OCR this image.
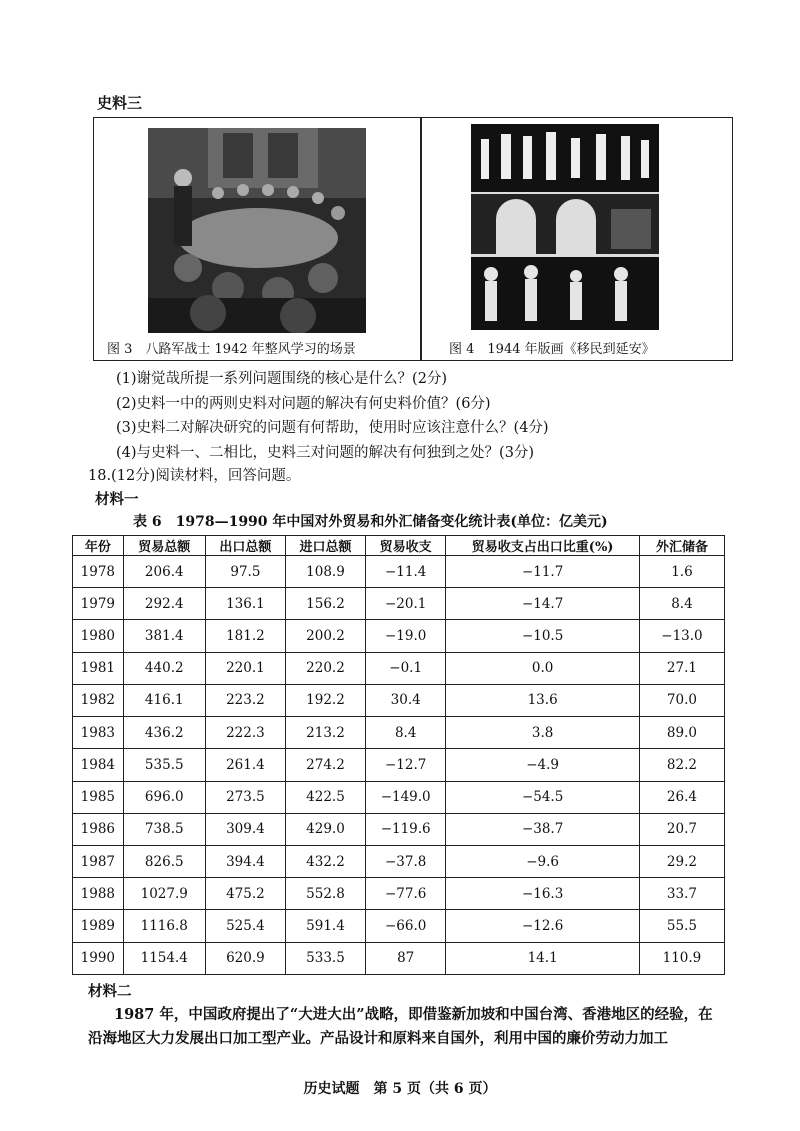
史料三
图 3　八路军战士 1942 年整风学习的场景	图 4　1944 年版画《移民到延安》
(1)谢觉哉所提一系列问题围绕的核心是什么？(2分)
(2)史料一中的两则史料对问题的解决有何史料价值？(6分)
(3)史料二对解决研究的问题有何帮助，使用时应该注意什么？(4分)
(4)与史料一、二相比，史料三对问题的解决有何独到之处？(3分)
18.(12分)阅读材料，回答问题。
材料一
表 6　1978—1990 年中国对外贸易和外汇储备变化统计表(单位：亿美元)
年份	贸易总额	出口总额	进口总额	贸易收支	贸易收支占出口比重(%)	外汇储备
1978	206.4	97.5	108.9	−11.4	−11.7	1.6
1979	292.4	136.1	156.2	−20.1	−14.7	8.4
1980	381.4	181.2	200.2	−19.0	−10.5	−13.0
1981	440.2	220.1	220.2	−0.1	0.0	27.1
1982	416.1	223.2	192.2	30.4	13.6	70.0
1983	436.2	222.3	213.2	8.4	3.8	89.0
1984	535.5	261.4	274.2	−12.7	−4.9	82.2
1985	696.0	273.5	422.5	−149.0	−54.5	26.4
1986	738.5	309.4	429.0	−119.6	−38.7	20.7
1987	826.5	394.4	432.2	−37.8	−9.6	29.2
1988	1027.9	475.2	552.8	−77.6	−16.3	33.7
1989	1116.8	525.4	591.4	−66.0	−12.6	55.5
1990	1154.4	620.9	533.5	87	14.1	110.9
材料二
1987 年，中国政府提出了“大进大出”战略，即借鉴新加坡和中国台湾、香港地区的经验，在
沿海地区大力发展出口加工型产业。产品设计和原料来自国外，利用中国的廉价劳动力加工
历史试题　第 5 页（共 6 页）
